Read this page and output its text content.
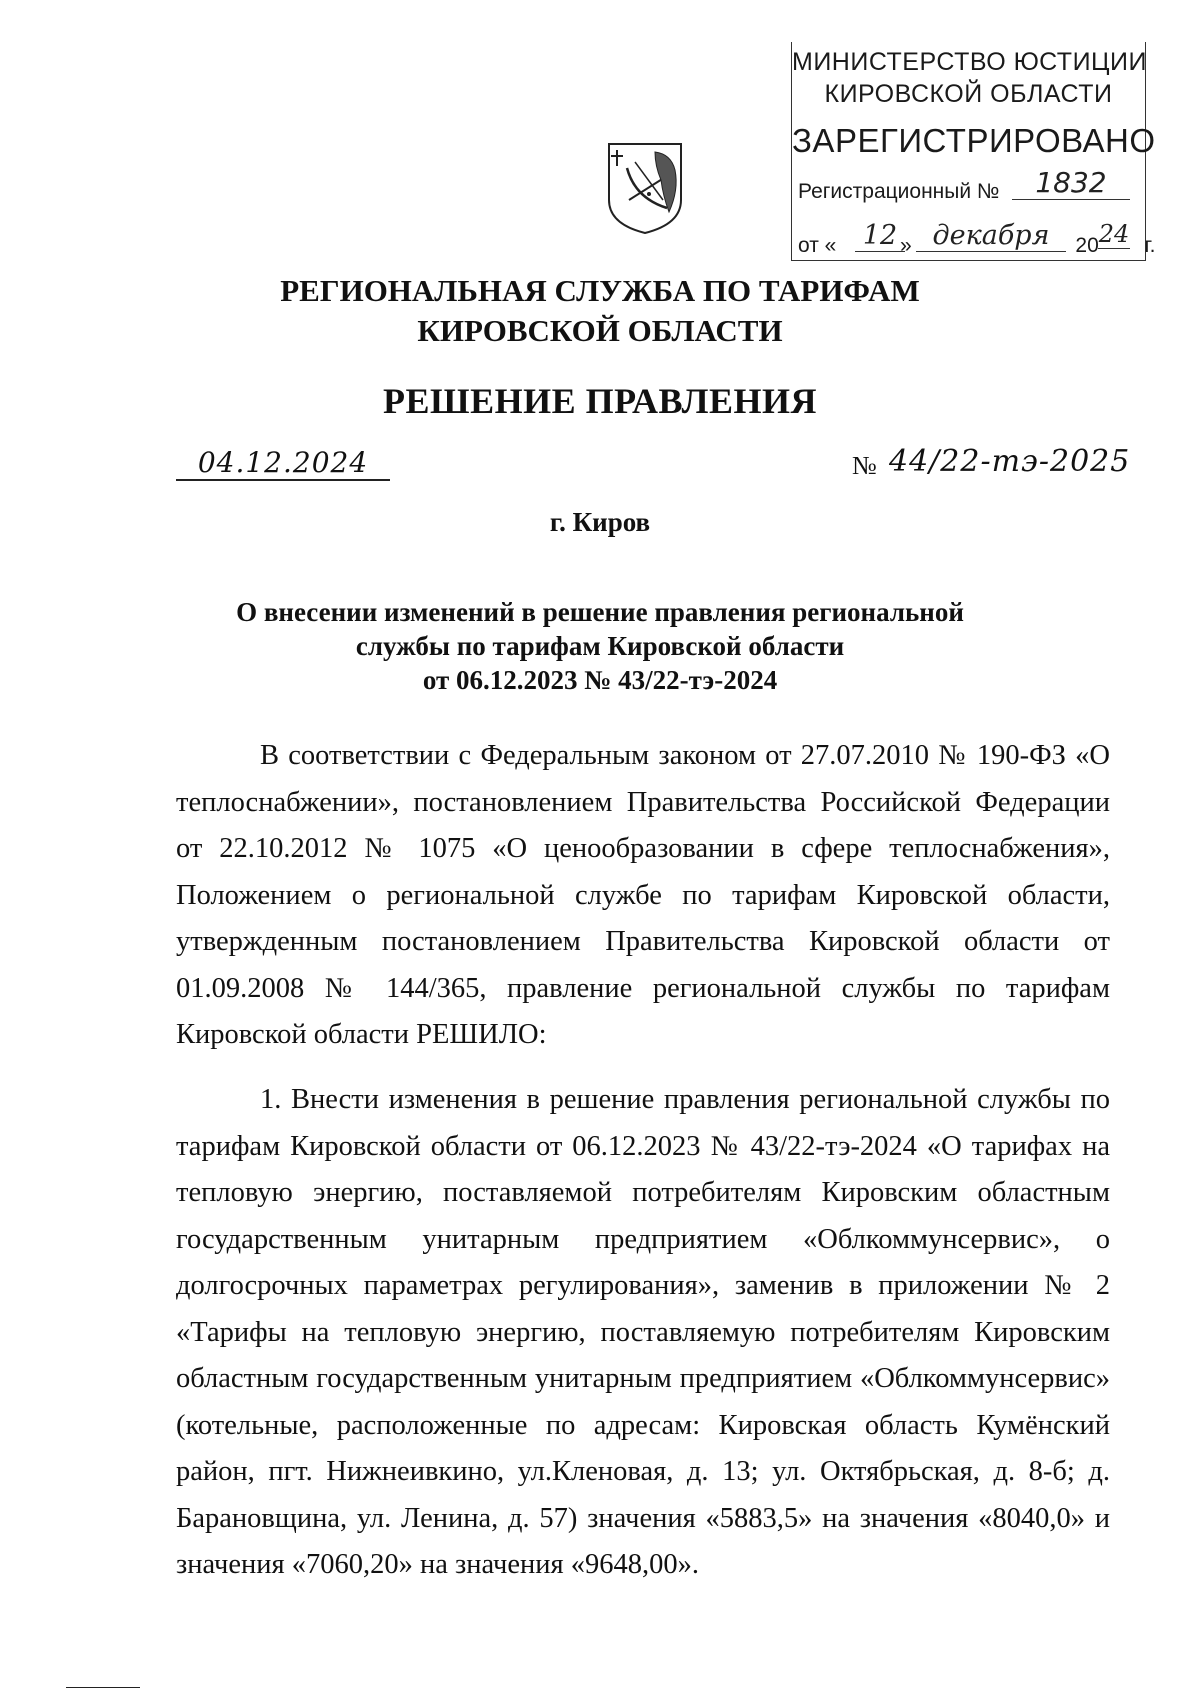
МИНИСТЕРСТВО ЮСТИЦИИ
КИРОВСКОЙ ОБЛАСТИ
ЗАРЕГИСТРИРОВАНО
Регистрационный №	1832
от «	»	20 г.
12	декабря	24
РЕГИОНАЛЬНАЯ СЛУЖБА ПО ТАРИФАМ
КИРОВСКОЙ ОБЛАСТИ
РЕШЕНИЕ ПРАВЛЕНИЯ
04.12.2024	№ 44/22-тэ-2025
г. Киров
О внесении изменений в решение правления региональной
службы по тарифам Кировской области
от 06.12.2023 № 43/22-тэ-2024
В соответствии с Федеральным законом от 27.07.2010 № 190-ФЗ «О теплоснабжении», постановлением Правительства Российской Федерации от 22.10.2012 № 1075 «О ценообразовании в сфере теплоснабжения», Положением о региональной службе по тарифам Кировской области, утвержденным постановлением Правительства Кировской области от 01.09.2008 № 144/365, правление региональной службы по тарифам Кировской области РЕШИЛО:
1. Внести изменения в решение правления региональной службы по тарифам Кировской области от 06.12.2023 № 43/22-тэ-2024 «О тарифах на тепловую энергию, поставляемой потребителям Кировским областным государственным унитарным предприятием «Облкоммунсервис», о долгосрочных параметрах регулирования», заменив в приложении № 2 «Тарифы на тепловую энергию, поставляемую потребителям Кировским областным государственным унитарным предприятием «Облкоммунсервис» (котельные, расположенные по адресам: Кировская область Кумёнский район, пгт. Нижнеивкино, ул.Кленовая, д. 13; ул. Октябрьская, д. 8-б; д. Барановщина, ул. Ленина, д. 57) значения «5883,5» на значения «8040,0» и значения «7060,20» на значения «9648,00».
